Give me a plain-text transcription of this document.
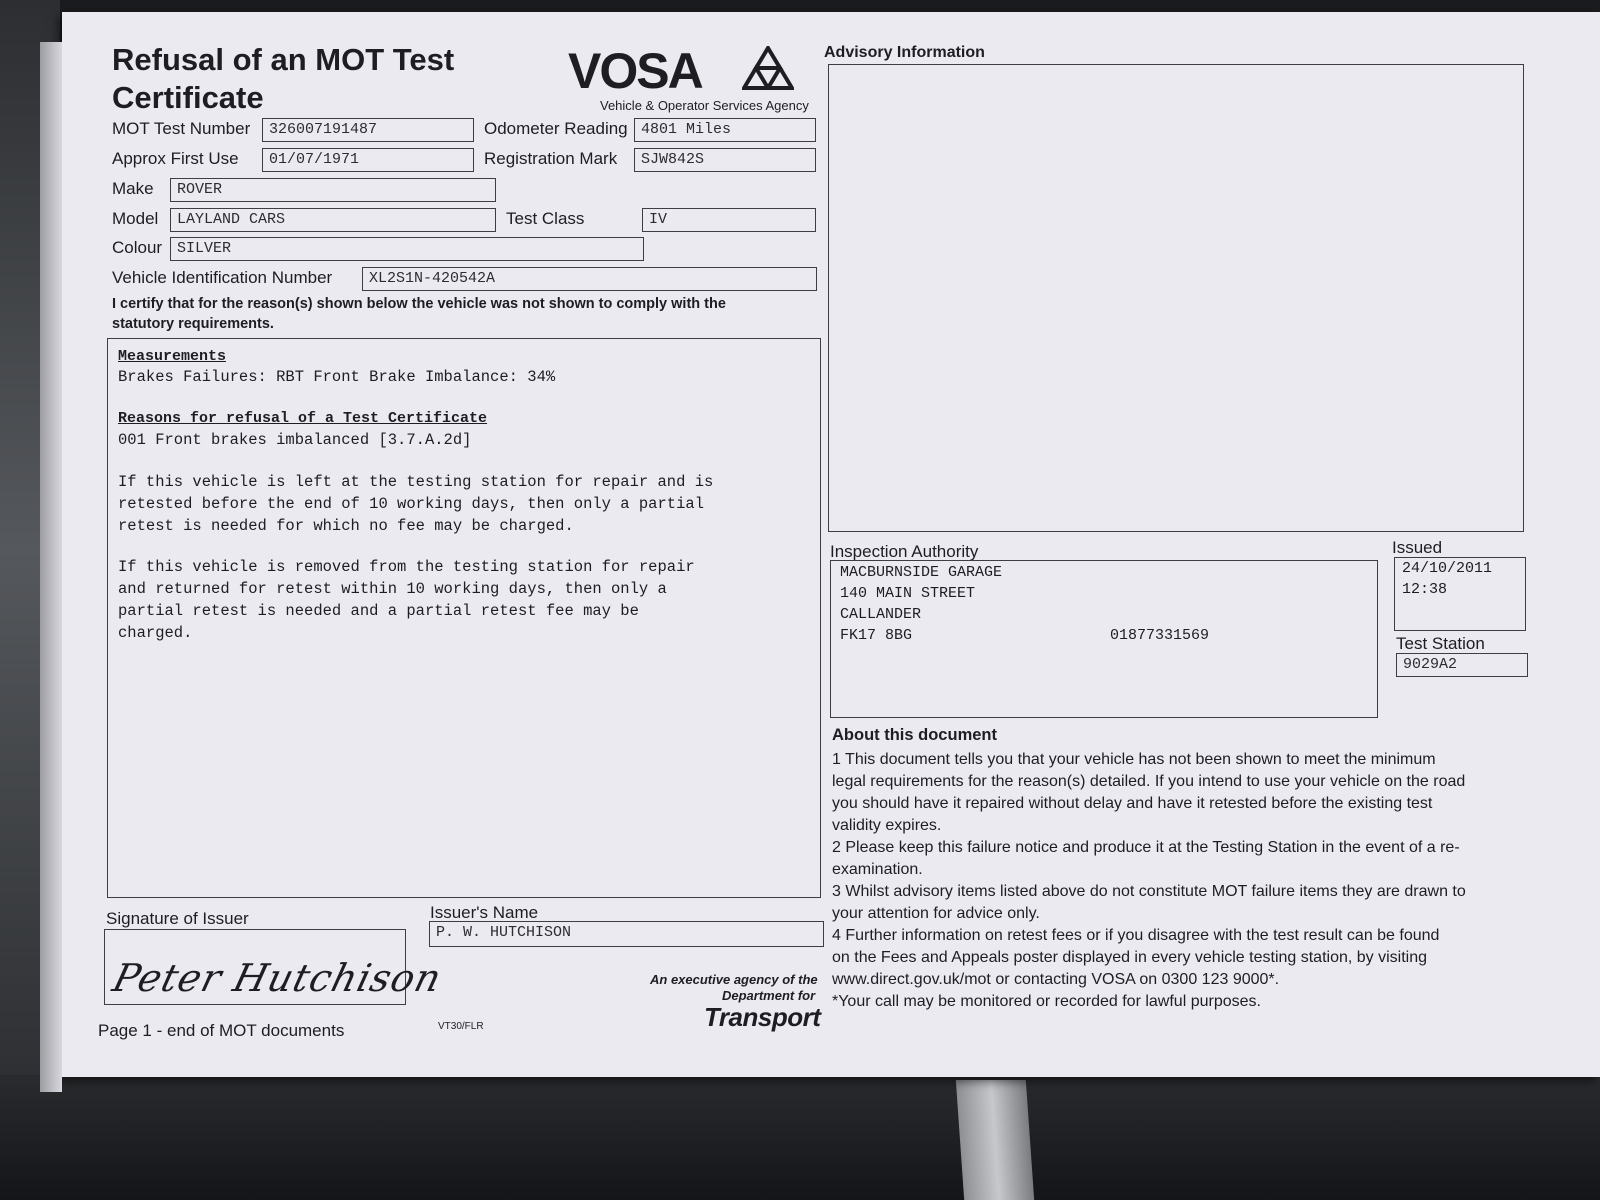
Refusal of an MOT Test
Certificate	VOSA
Vehicle & Operator Services Agency
MOT Test Number	326007191487	Odometer Reading 4801 Miles
Approx First Use	01/07/1971	Registration Mark	SJW842S
Make	ROVER
Model	LAYLAND CARS	Test Class	IV
Colour SILVER
Vehicle Identification Number	XL2S1N-420542A
I certify that for the reason(s) shown below the vehicle was not shown to comply with the
statutory requirements.
Measurements
Brakes Failures: RBT Front Brake Imbalance: 34%
Reasons for refusal of a Test Certificate
001 Front brakes imbalanced [3.7.A.2d]
If this vehicle is left at the testing station for repair and is
retested before the end of 10 working days, then only a partial
retest is needed for which no fee may be charged.
If this vehicle is removed from the testing station for repair
and returned for retest within 10 working days, then only a
partial retest is needed and a partial retest fee may be
charged.
Signature of Issuer
Peter Hutchison
Issuer's Name
P. W. HUTCHISON
Page 1 - end of MOT documents	VT30/FLR
An executive agency of the
Department for
Transport
Advisory Information
Inspection Authority
MACBURNSIDE GARAGE
140 MAIN STREET
CALLANDER
FK17 8BG	01877331569
Issued
24/10/2011
12:38
Test Station
9029A2
About this document
1 This document tells you that your vehicle has not been shown to meet the minimum
legal requirements for the reason(s) detailed. If you intend to use your vehicle on the road
you should have it repaired without delay and have it retested before the existing test
validity expires.
2 Please keep this failure notice and produce it at the Testing Station in the event of a re-
examination.
3 Whilst advisory items listed above do not constitute MOT failure items they are drawn to
your attention for advice only.
4 Further information on retest fees or if you disagree with the test result can be found
on the Fees and Appeals poster displayed in every vehicle testing station, by visiting
www.direct.gov.uk/mot or contacting VOSA on 0300 123 9000*.
*Your call may be monitored or recorded for lawful purposes.
